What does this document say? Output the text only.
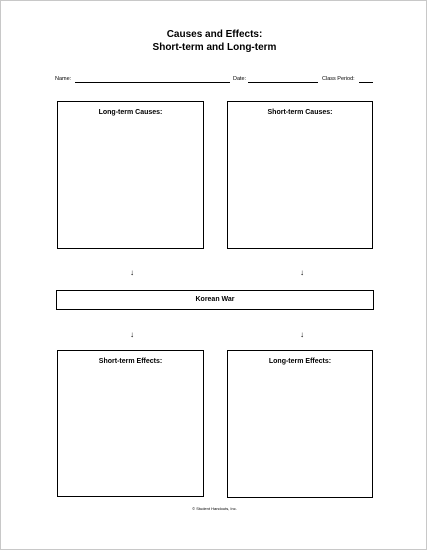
Causes and Effects:
Short-term and Long-term
Name:	Date:	Class Period:
Long-term Causes:	Short-term Causes:
↓	↓
Korean War
↓	↓
Short-term Effects:	Long-term Effects:
© Student Handouts, Inc.
